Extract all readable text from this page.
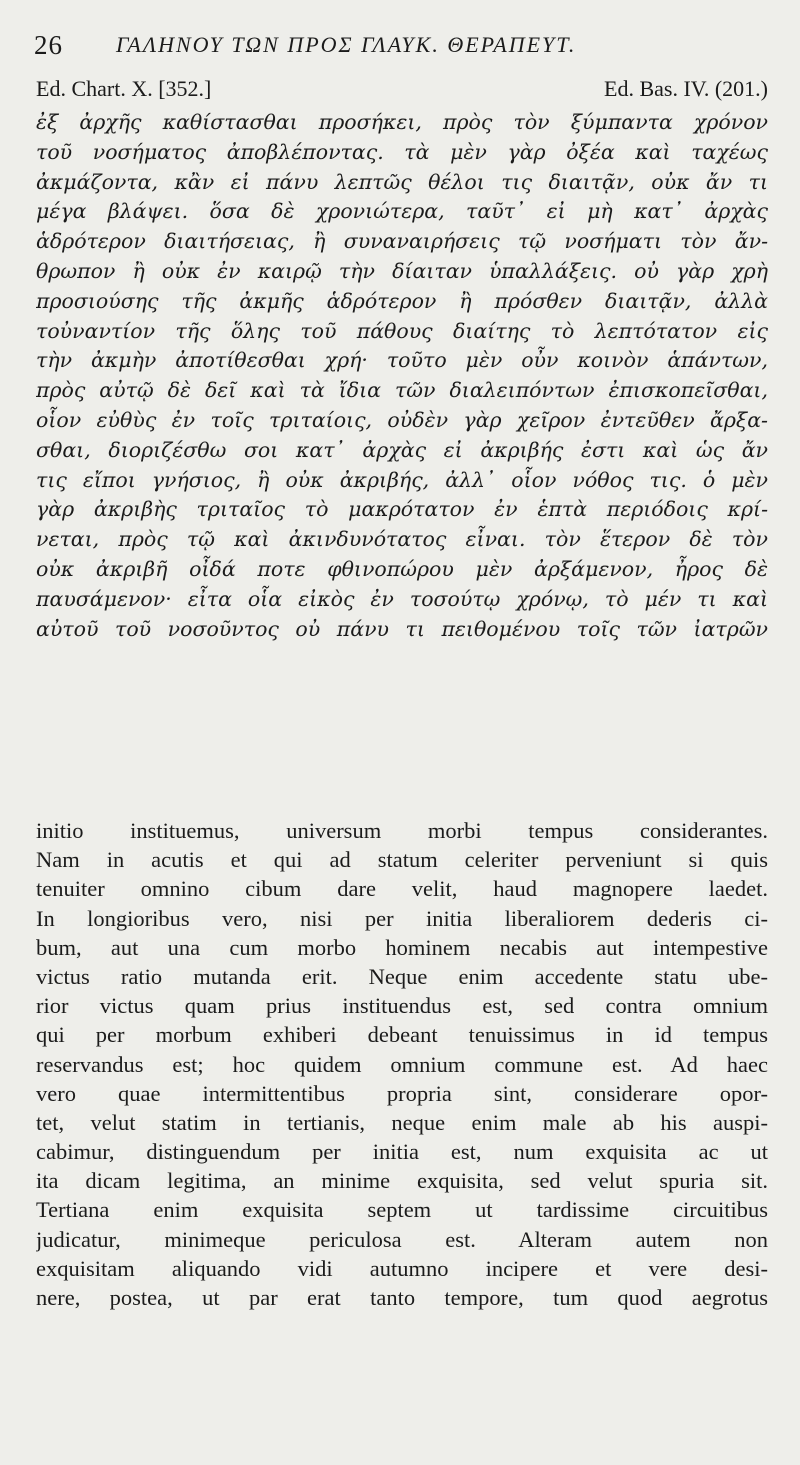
26 ΓΑΛΗΝΟΥ ΤΩΝ ΠΡΟΣ ΓΛΑΥΚ. ΘΕΡΑΠΕΥΤ.
Ed. Chart. X. [352.]	Ed. Bas. IV. (201.)
ἐξ ἀρχῆς καθίστασθαι προσήκει, πρὸς τὸν ξύμπαντα χρόνον
τοῦ νοσήματος ἀποβλέποντας. τὰ μὲν γὰρ ὀξέα καὶ ταχέως
ἀκμάζοντα, κἂν εἰ πάνυ λεπτῶς θέλοι τις διαιτᾷν, οὐκ ἄν τι
μέγα βλάψει. ὅσα δὲ χρονιώτερα, ταῦτ᾽ εἰ μὴ κατ᾽ ἀρχὰς
ἁδρότερον διαιτήσειας, ἢ συναναιρήσεις τῷ νοσήματι τὸν ἄν-
θρωπον ἢ οὐκ ἐν καιρῷ τὴν δίαιταν ὑπαλλάξεις. οὐ γὰρ χρὴ
προσιούσης τῆς ἀκμῆς ἁδρότερον ἢ πρόσθεν διαιτᾷν, ἀλλὰ
τοὐναντίον τῆς ὅλης τοῦ πάθους διαίτης τὸ λεπτότατον εἰς
τὴν ἀκμὴν ἀποτίθεσθαι χρή· τοῦτο μὲν οὖν κοινὸν ἁπάντων,
πρὸς αὐτῷ δὲ δεῖ καὶ τὰ ἴδια τῶν διαλειπόντων ἐπισκοπεῖσθαι,
οἷον εὐθὺς ἐν τοῖς τριταίοις, οὐδὲν γὰρ χεῖρον ἐντεῦθεν ἄρξα-
σθαι, διοριζέσθω σοι κατ᾽ ἀρχὰς εἰ ἀκριβής ἐστι καὶ ὡς ἄν
τις εἴποι γνήσιος, ἢ οὐκ ἀκριβής, ἀλλ᾽ οἷον νόθος τις. ὁ μὲν
γὰρ ἀκριβὴς τριταῖος τὸ μακρότατον ἐν ἑπτὰ περιόδοις κρί-
νεται, πρὸς τῷ καὶ ἀκινδυνότατος εἶναι. τὸν ἕτερον δὲ τὸν
οὐκ ἀκριβῆ οἶδά ποτε φθινοπώρου μὲν ἀρξάμενον, ἦρος δὲ
παυσάμενον· εἶτα οἷα εἰκὸς ἐν τοσούτῳ χρόνῳ, τὸ μέν τι καὶ
αὐτοῦ τοῦ νοσοῦντος οὐ πάνυ τι πειθομένου τοῖς τῶν ἰατρῶν
initio instituemus, universum morbi tempus considerantes.
Nam in acutis et qui ad statum celeriter perveniunt si quis
tenuiter omnino cibum dare velit, haud magnopere laedet.
In longioribus vero, nisi per initia liberaliorem dederis ci-
bum, aut una cum morbo hominem necabis aut intempestive
victus ratio mutanda erit. Neque enim accedente statu ube-
rior victus quam prius instituendus est, sed contra omnium
qui per morbum exhiberi debeant tenuissimus in id tempus
reservandus est; hoc quidem omnium commune est. Ad haec
vero quae intermittentibus propria sint, considerare opor-
tet, velut statim in tertianis, neque enim male ab his auspi-
cabimur, distinguendum per initia est, num exquisita ac ut
ita dicam legitima, an minime exquisita, sed velut spuria sit.
Tertiana enim exquisita septem ut tardissime circuitibus
judicatur, minimeque periculosa est. Alteram autem non
exquisitam aliquando vidi autumno incipere et vere desi-
nere, postea, ut par erat tanto tempore, tum quod aegrotus
